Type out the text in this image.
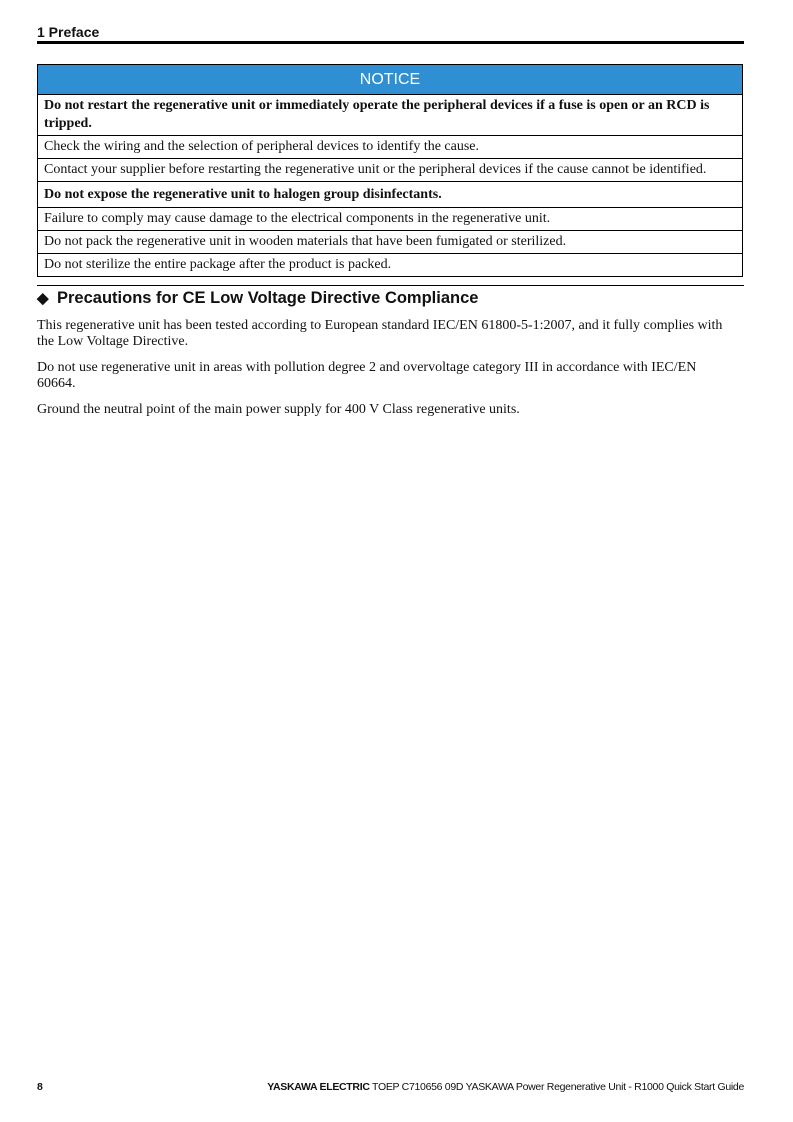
1 Preface
NOTICE
Do not restart the regenerative unit or immediately operate the peripheral devices if a fuse is open or an RCD is tripped.
Check the wiring and the selection of peripheral devices to identify the cause.
Contact your supplier before restarting the regenerative unit or the peripheral devices if the cause cannot be identified.
Do not expose the regenerative unit to halogen group disinfectants.
Failure to comply may cause damage to the electrical components in the regenerative unit.
Do not pack the regenerative unit in wooden materials that have been fumigated or sterilized.
Do not sterilize the entire package after the product is packed.
◆ Precautions for CE Low Voltage Directive Compliance

This regenerative unit has been tested according to European standard IEC/EN 61800-5-1:2007, and it fully complies with the Low Voltage Directive.

Do not use regenerative unit in areas with pollution degree 2 and overvoltage category III in accordance with IEC/EN 60664.

Ground the neutral point of the main power supply for 400 V Class regenerative units.

8	YASKAWA ELECTRIC TOEP C710656 09D YASKAWA Power Regenerative Unit - R1000 Quick Start Guide
